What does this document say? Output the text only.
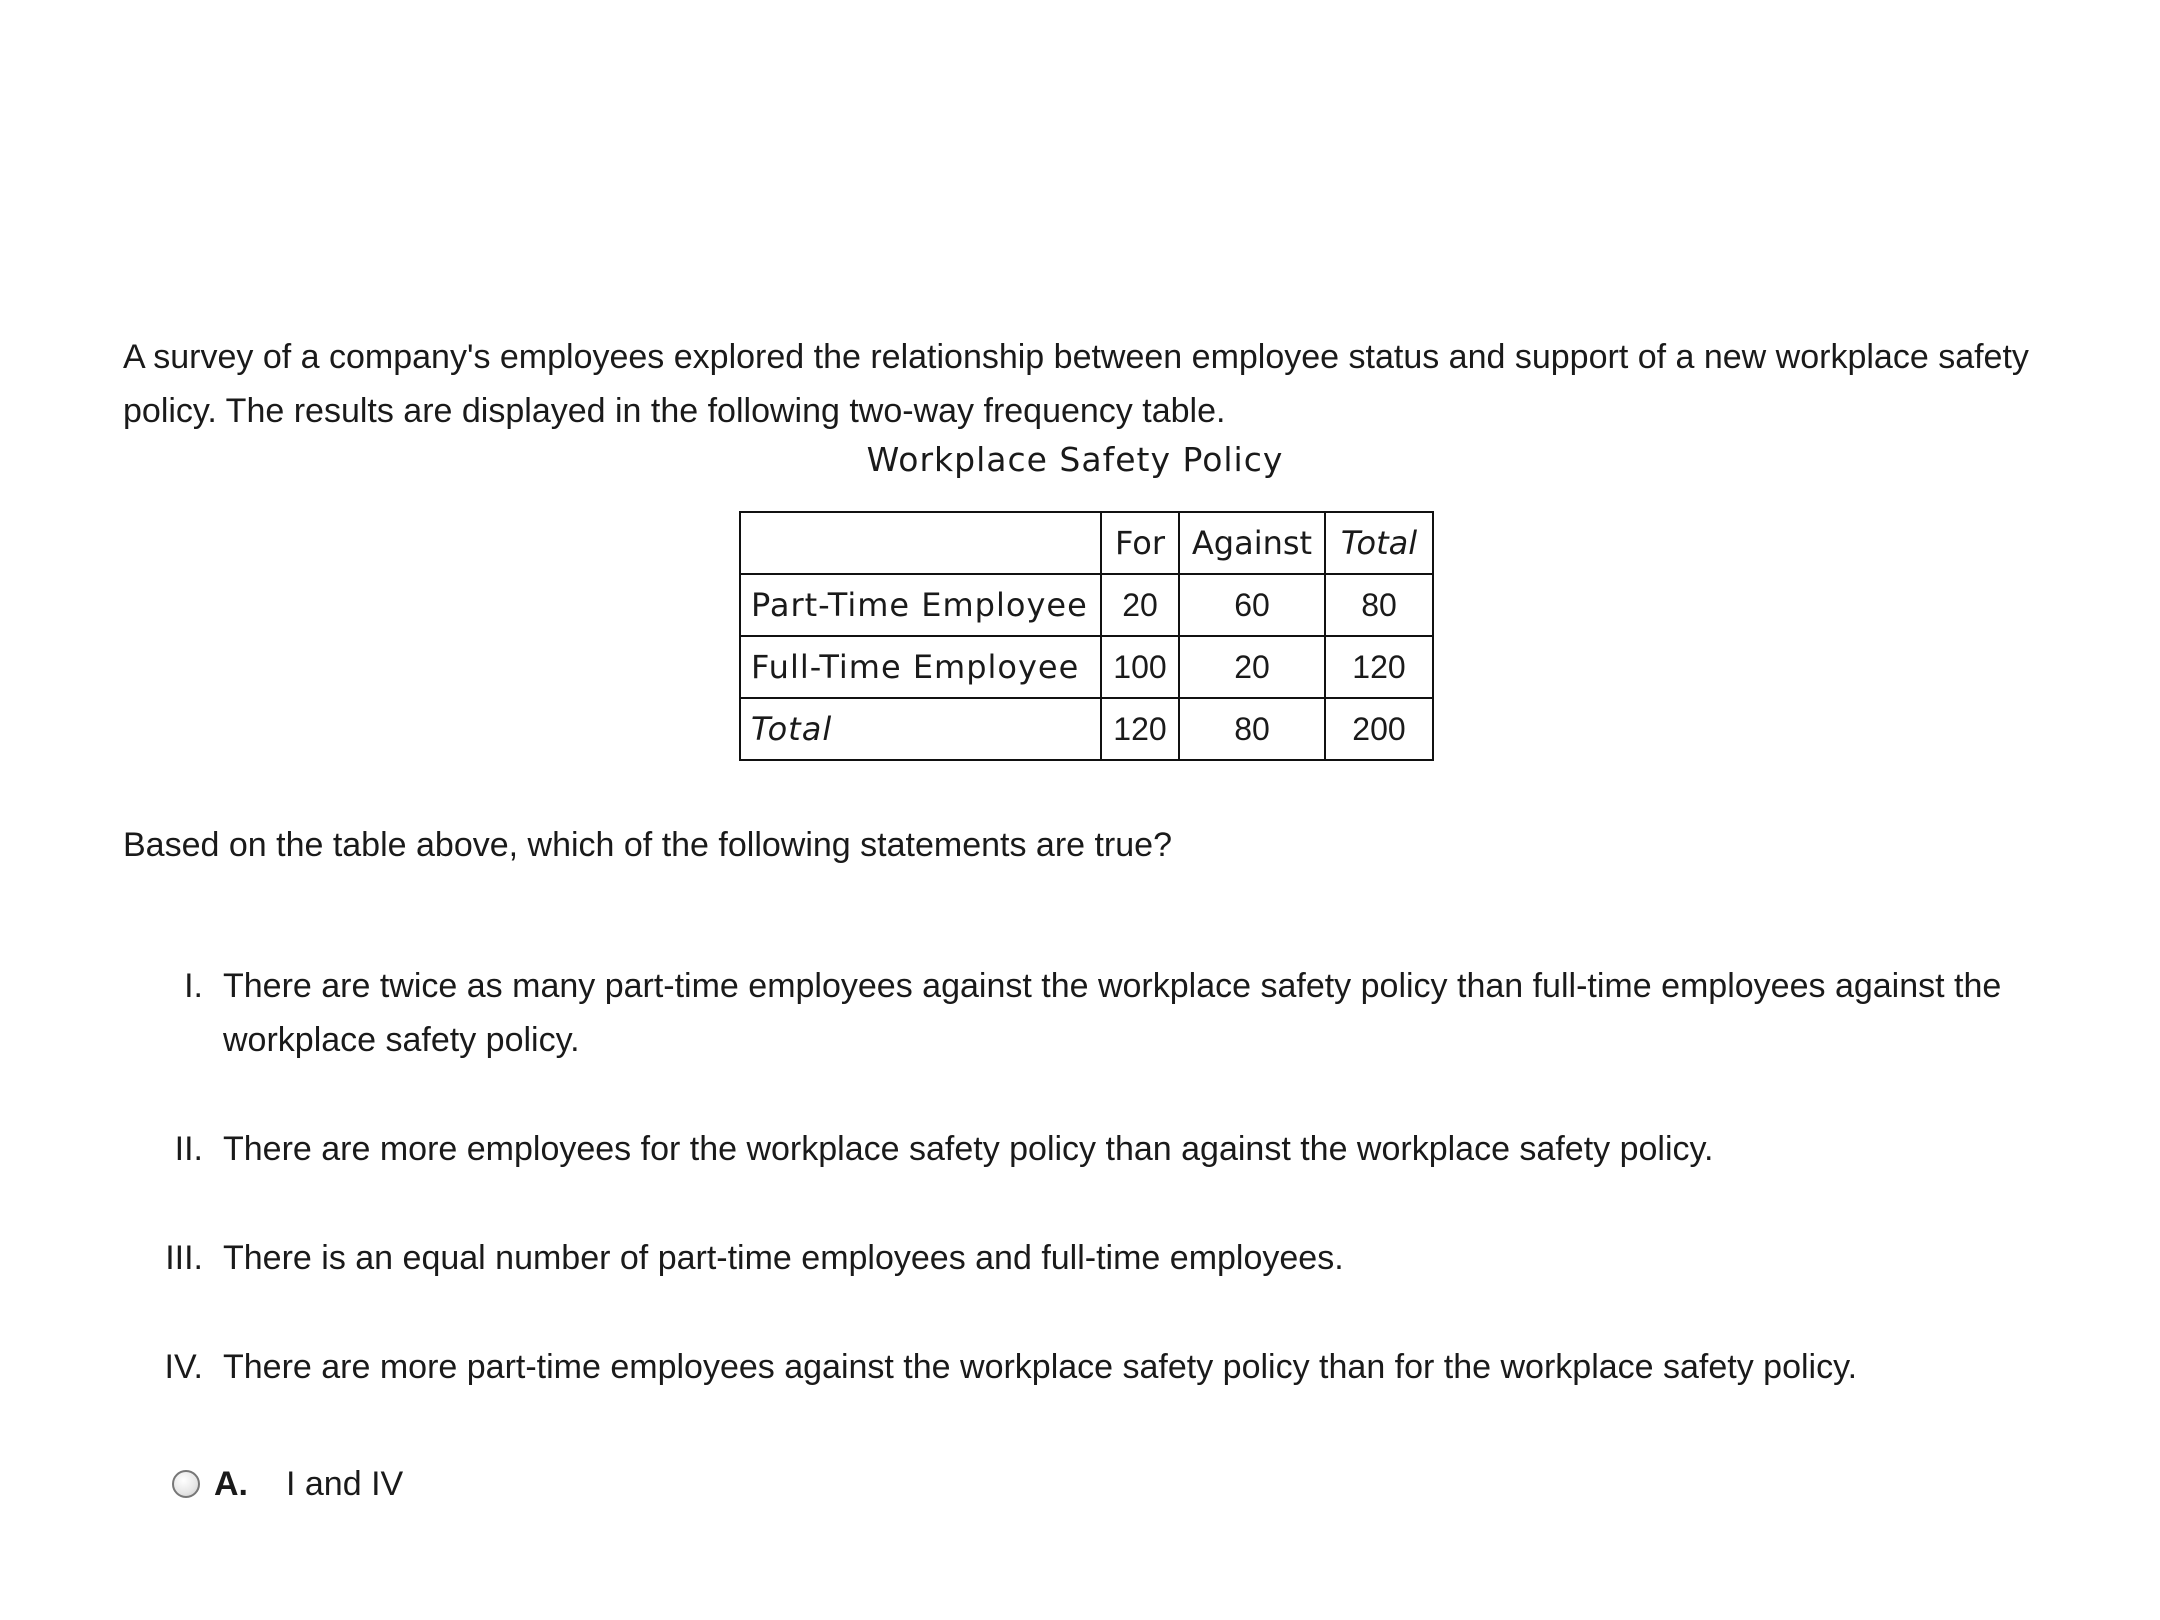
A survey of a company's employees explored the relationship between employee status and support of a new workplace safety policy. The results are displayed in the following two-way frequency table.

Workplace Safety Policy
	For	Against	Total
Part-Time Employee	20	60	80
Full-Time Employee	100	20	120
Total	120	80	200

Based on the table above, which of the following statements are true?

I. There are twice as many part-time employees against the workplace safety policy than full-time employees against the workplace safety policy.
II. There are more employees for the workplace safety policy than against the workplace safety policy.
III. There is an equal number of part-time employees and full-time employees.
IV. There are more part-time employees against the workplace safety policy than for the workplace safety policy.
A.	I and IV
